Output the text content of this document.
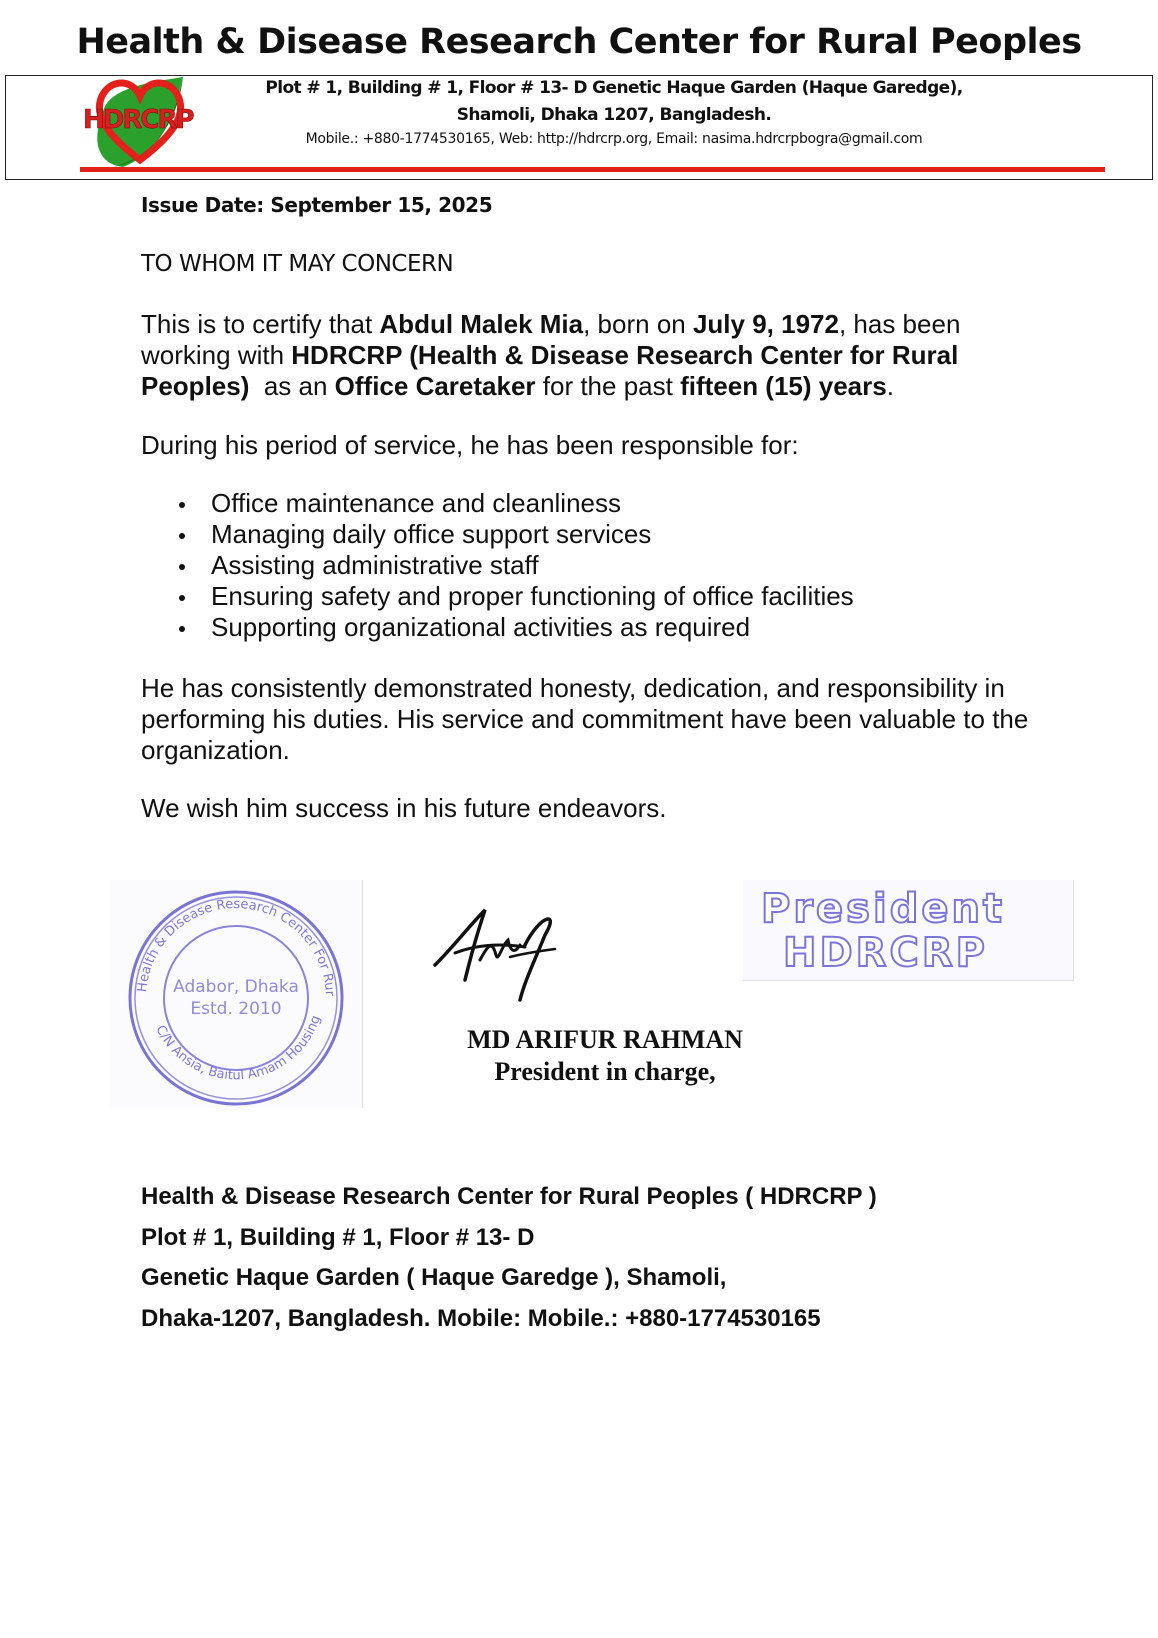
Health & Disease Research Center for Rural Peoples
HDRCRP
Plot # 1, Building # 1, Floor # 13- D Genetic Haque Garden (Haque Garedge),
Shamoli, Dhaka 1207, Bangladesh.
Mobile.: +880-1774530165, Web: http://hdrcrp.org, Email: nasima.hdrcrpbogra@gmail.com
Issue Date: September 15, 2025
TO WHOM IT MAY CONCERN
This is to certify that Abdul Malek Mia, born on July 9, 1972, has been working with HDRCRP (Health & Disease Research Center for Rural Peoples)  as an Office Caretaker for the past fifteen (15) years.
During his period of service, he has been responsible for:
Office maintenance and cleanliness
Managing daily office support services
Assisting administrative staff
Ensuring safety and proper functioning of office facilities
Supporting organizational activities as required
He has consistently demonstrated honesty, dedication, and responsibility in performing his duties. His service and commitment have been valuable to the organization.
We wish him success in his future endeavors.
Health & Disease Research Center For Rur
C/N Ansia, Baitul Amam Housing
Adabor, Dhaka
Estd. 2010
President
HDRCRP
MD ARIFUR RAHMAN
President in charge,
Health & Disease Research Center for Rural Peoples ( HDRCRP )
Plot # 1, Building # 1, Floor # 13- D
Genetic Haque Garden ( Haque Garedge ), Shamoli,
Dhaka-1207, Bangladesh. Mobile: Mobile.: +880-1774530165
